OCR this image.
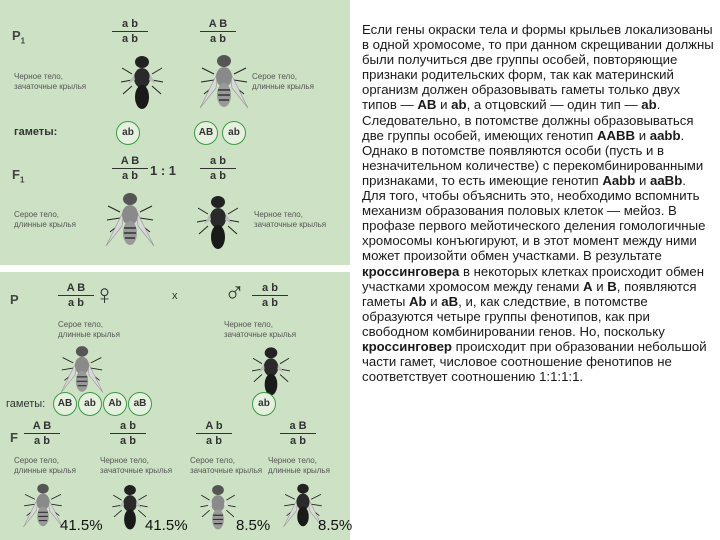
$P_1$
a b
a b
A B
a b
Черное тело,
зачаточные крылья
Серое тело,
длинные крылья
гаметы:	ab	AB	ab
$F_1$
1 : 1
A B
a b
a b
a b
Серое тело,
длинные крылья
Черное тело,
зачаточные крылья
P
A B
a b ♀	x ♂	a b
a b
Серое тело,
длинные крылья
Черное тело,
зачаточные крылья
гаметы:	AB	ab	Ab	aB	ab
F
A B
a b
a b
a b
A b
a b
a B
a b
Серое тело,
длинные крылья
Черное тело,
зачаточные крылья
Серое тело,
зачаточные крылья
Черное тело,
длинные крылья
41.5%	41.5%	8.5%	8.5%

Если гены окраски тела и формы крыльев локализованы в одной хромосоме, то при данном скрещивании должны были получиться две группы особей, повторяющие признаки родительских форм, так как материнский организм должен образовывать гаметы только двух типов — АВ и ab, а отцовский — один тип — ab. Следовательно, в потомстве должны образовываться две группы особей, имеющих генотип ААВВ и aabb. Однако в потомстве появляются особи (пусть и в незначительном количестве) с перекомбинированными признаками, то есть имеющие генотип Aabb и ааВb.

Для того, чтобы объяснить это, необходимо вспомнить механизм образования половых клеток — мейоз. В профазе первого мейотического деления гомологичные хромосомы конъюгируют, и в этот момент между ними может произойти обмен участками. В результате кроссинговера в некоторых клетках происходит обмен участками хромосом между генами А и В, появляются гаметы Ab и аВ, и, как следствие, в потомстве образуются четыре группы фенотипов, как при свободном комбинировании генов. Но, поскольку кроссинговер происходит при образовании небольшой части гамет, числовое соотношение фенотипов не соответствует соотношению 1:1:1:1.
